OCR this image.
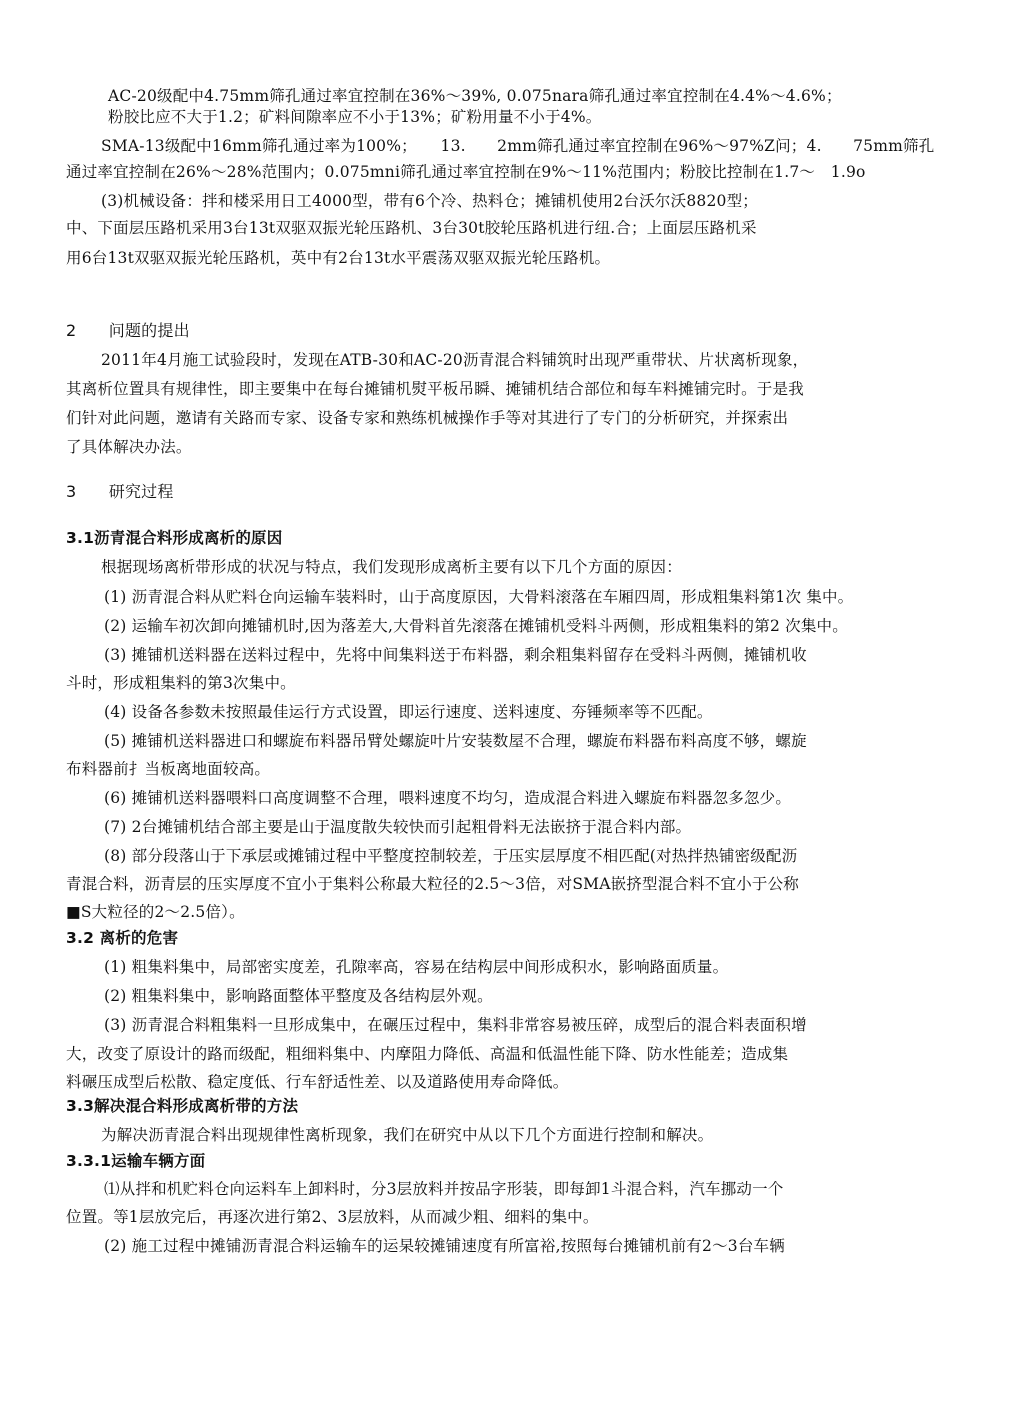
AC-20级配中4.75mm筛孔通过率宜控制在36%～39%, 0.075nara筛孔通过率宜控制在4.4%～4.6%；
粉胶比应不大于1.2；矿料间隙率应不小于13%；矿粉用量不小于4%。
SMA-13级配中16mm筛孔通过率为100%；　　13.　　2mm筛孔通过率宜控制在96%～97%Z问；4.　　75mm筛孔
通过率宜控制在26%～28%范围内；0.075mni筛孔通过率宜控制在9%～11%范围内；粉胶比控制在1.7～　1.9o
(3)机械设备：拌和楼采用日工4000型，带有6个冷、热料仓；摊铺机使用2台沃尔沃8820型；
中、下面层压路机采用3台13t双驱双振光轮压路机、3台30t胶轮压路机进行纽.合；上面层压路机采
用6台13t双驱双振光轮压路机，英中有2台13t水平震荡双驱双振光轮压路机。
2　　问题的提出
2011年4月施工试验段时，发现在ATB-30和AC-20沥青混合料铺筑时出现严重带状、片状离析现象，
其离析位置具有规律性，即主要集中在每台摊铺机熨平板吊瞬、摊铺机结合部位和每车料摊铺完时。于是我
们针对此问题，邀请有关路而专家、设备专家和熟练机械操作手等对其进行了专门的分析研究，并探索出
了具体解决办法。
3　　研究过程
3.1沥青混合料形成离析的原因
根据现场离析带形成的状况与特点，我们发现形成离析主要有以下几个方面的原因：
(1) 沥青混合料从贮料仓向运输车装料时，山于高度原因，大骨料滚落在车厢四周，形成粗集料第1次 集中。
(2) 运输车初次卸向摊铺机时,因为落差大,大骨料首先滚落在摊铺机受料斗两侧，形成粗集料的第2 次集中。
(3) 摊铺机送料器在送料过程中，先将中间集料送于布料器，剩余粗集料留存在受料斗两侧，摊铺机收
斗时，形成粗集料的第3次集中。
(4) 设备各参数未按照最佳运行方式设置，即运行速度、送料速度、夯锤频率等不匹配。
(5) 摊铺机送料器进口和螺旋布料器吊臂处螺旋叶片安装数屋不合理，螺旋布料器布料高度不够，螺旋
布料器前扌当板离地面较高。
(6) 摊铺机送料器喂料口高度调整不合理，喂料速度不均匀，造成混合料进入螺旋布料器忽多忽少。
(7) 2台摊铺机结合部主要是山于温度散失较快而引起粗骨料无法嵌挤于混合料内部。
(8) 部分段落山于下承层或摊铺过程中平整度控制较差，于压实层厚度不相匹配(对热拌热铺密级配沥
青混合料，沥青层的压实厚度不宜小于集料公称最大粒径的2.5～3倍，对SMA嵌挤型混合料不宜小于公称
■S大粒径的2～2.5倍）。
3.2 离析的危害
(1) 粗集料集中，局部密实度差，孔隙率高，容易在结构层中间形成积水，影响路面质量。
(2) 粗集料集中，影响路面整体平整度及各结构层外观。
(3) 沥青混合料粗集料一旦形成集中，在碾压过程中，集料非常容易被压碎，成型后的混合料表面积增
大，改变了原设计的路而级配，粗细料集中、内摩阻力降低、高温和低温性能下降、防水性能差；造成集
料碾压成型后松散、稳定度低、行车舒适性差、以及道路使用寿命降低。
3.3解决混合料形成离析带的方法
为解决沥青混合料出现规律性离析现象，我们在研究中从以下几个方面进行控制和解决。
3.3.1运输车辆方面
⑴从拌和机贮料仓向运料车上卸料时，分3层放料并按品字形装，即每卸1斗混合料，汽车挪动一个
位置。等1层放完后，再逐次进行第2、3层放料，从而减少粗、细料的集中。
(2) 施工过程中摊铺沥青混合料运输车的运杲较摊铺速度有所富裕,按照每台摊铺机前有2～3台车辆
